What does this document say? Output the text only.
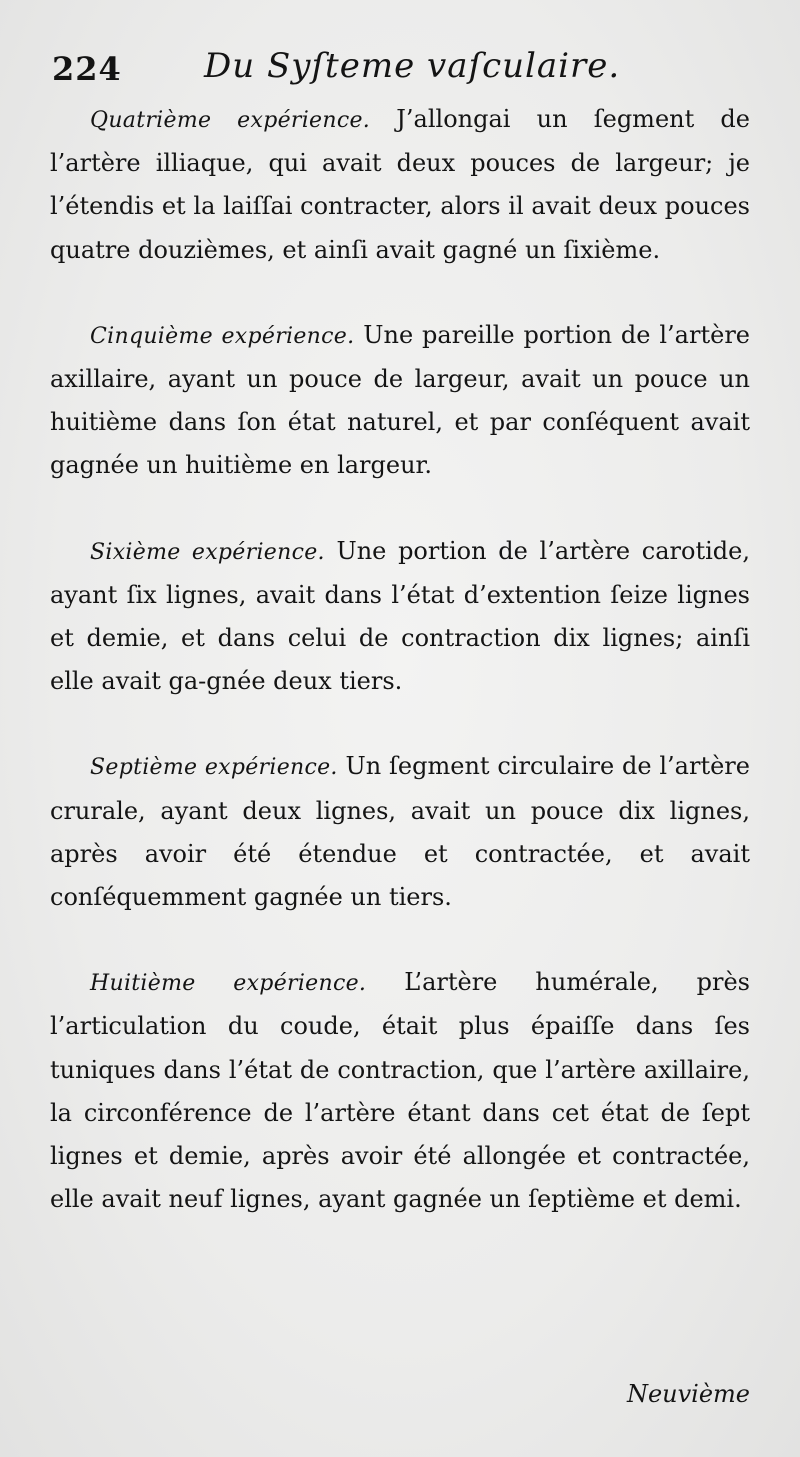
224 Du Syſteme vaſculaire.

Quatrième expérience. J’allongai un ſegment de l’artère illiaque, qui avait deux pouces de largeur; je l’étendis et la laiſſai contracter, alors il avait deux pouces quatre douzièmes, et ainſi avait gagné un ſixième.

Cinquième expérience. Une pareille portion de l’artère axillaire, ayant un pouce de largeur, avait un pouce un huitième dans ſon état naturel, et par conſéquent avait gagnée un huitième en largeur.

Sixième expérience. Une portion de l’artère carotide, ayant ſix lignes, avait dans l’état d’extention ſeize lignes et demie, et dans celui de contraction dix lignes; ainſi elle avait ga-gnée deux tiers.

Septième expérience. Un ſegment circulaire de l’artère crurale, ayant deux lignes, avait un pouce dix lignes, après avoir été étendue et contractée, et avait conſéquemment gagnée un tiers.

Huitième expérience. L’artère humérale, près l’articulation du coude, était plus épaiſſe dans ſes tuniques dans l’état de contraction, que l’artère axillaire, la circonférence de l’artère étant dans cet état de ſept lignes et demie, après avoir été allongée et contractée, elle avait neuf lignes, ayant gagnée un ſeptième et demi.

Neuvième
